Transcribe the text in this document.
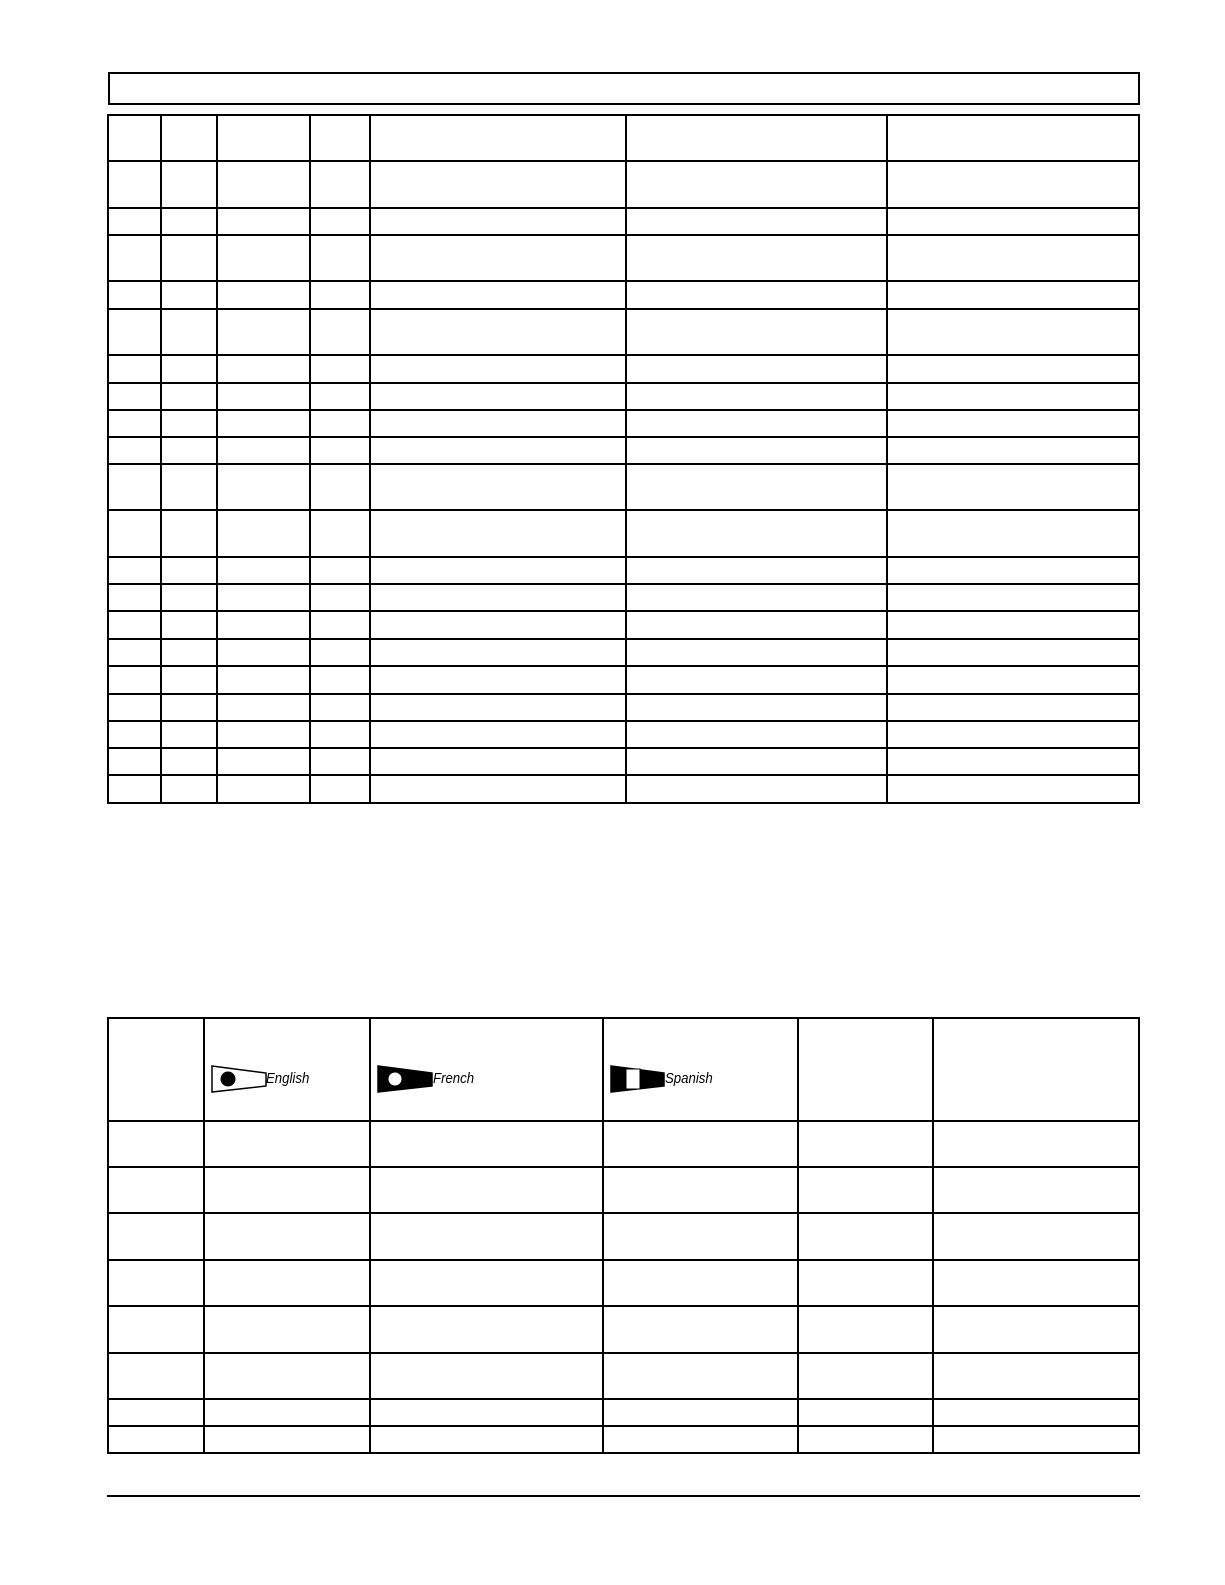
English	French	Spanish
